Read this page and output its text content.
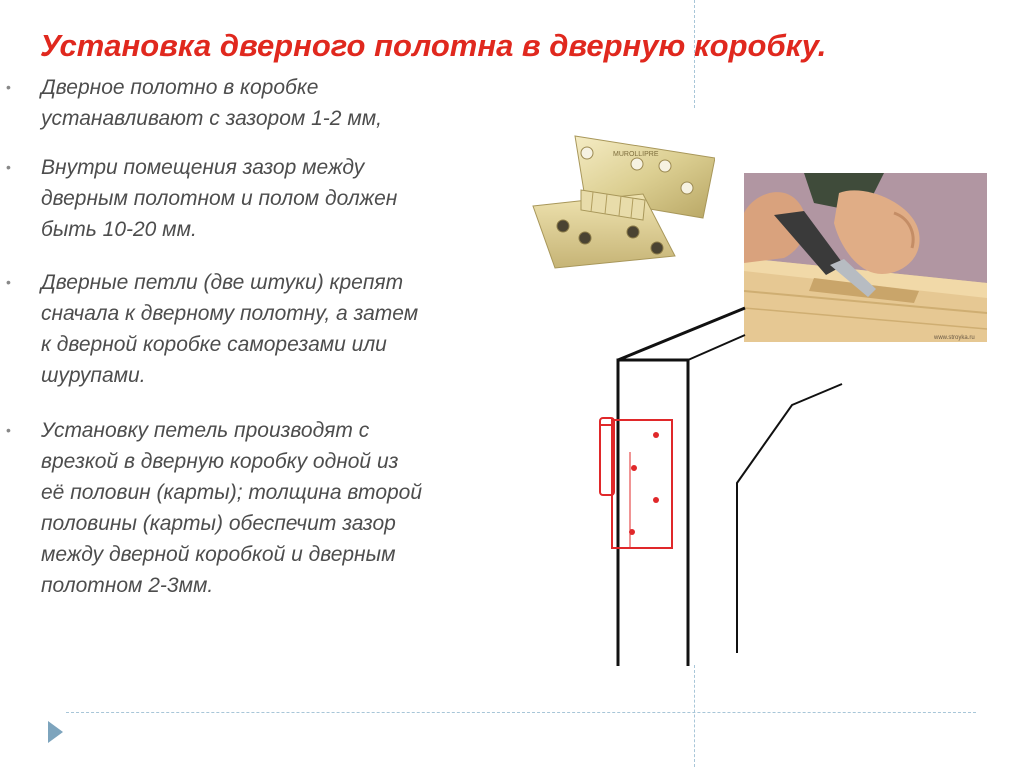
Установка дверного полотна в дверную коробку.
• Дверное полотно в коробке
устанавливают с зазором 1-2 мм,
• Внутри помещения зазор между
дверным полотном и полом должен
быть 10-20 мм.
• Дверные петли (две штуки) крепят
сначала к дверному полотну, а затем
к дверной коробке саморезами или
шурупами.
• Установку петель производят с
врезкой в дверную коробку одной из
её половин (карты); толщина второй
половины (карты) обеспечит зазор
между дверной коробкой и дверным
полотном 2-3мм.
MUROLLIPRE
www.stroyka.ru
